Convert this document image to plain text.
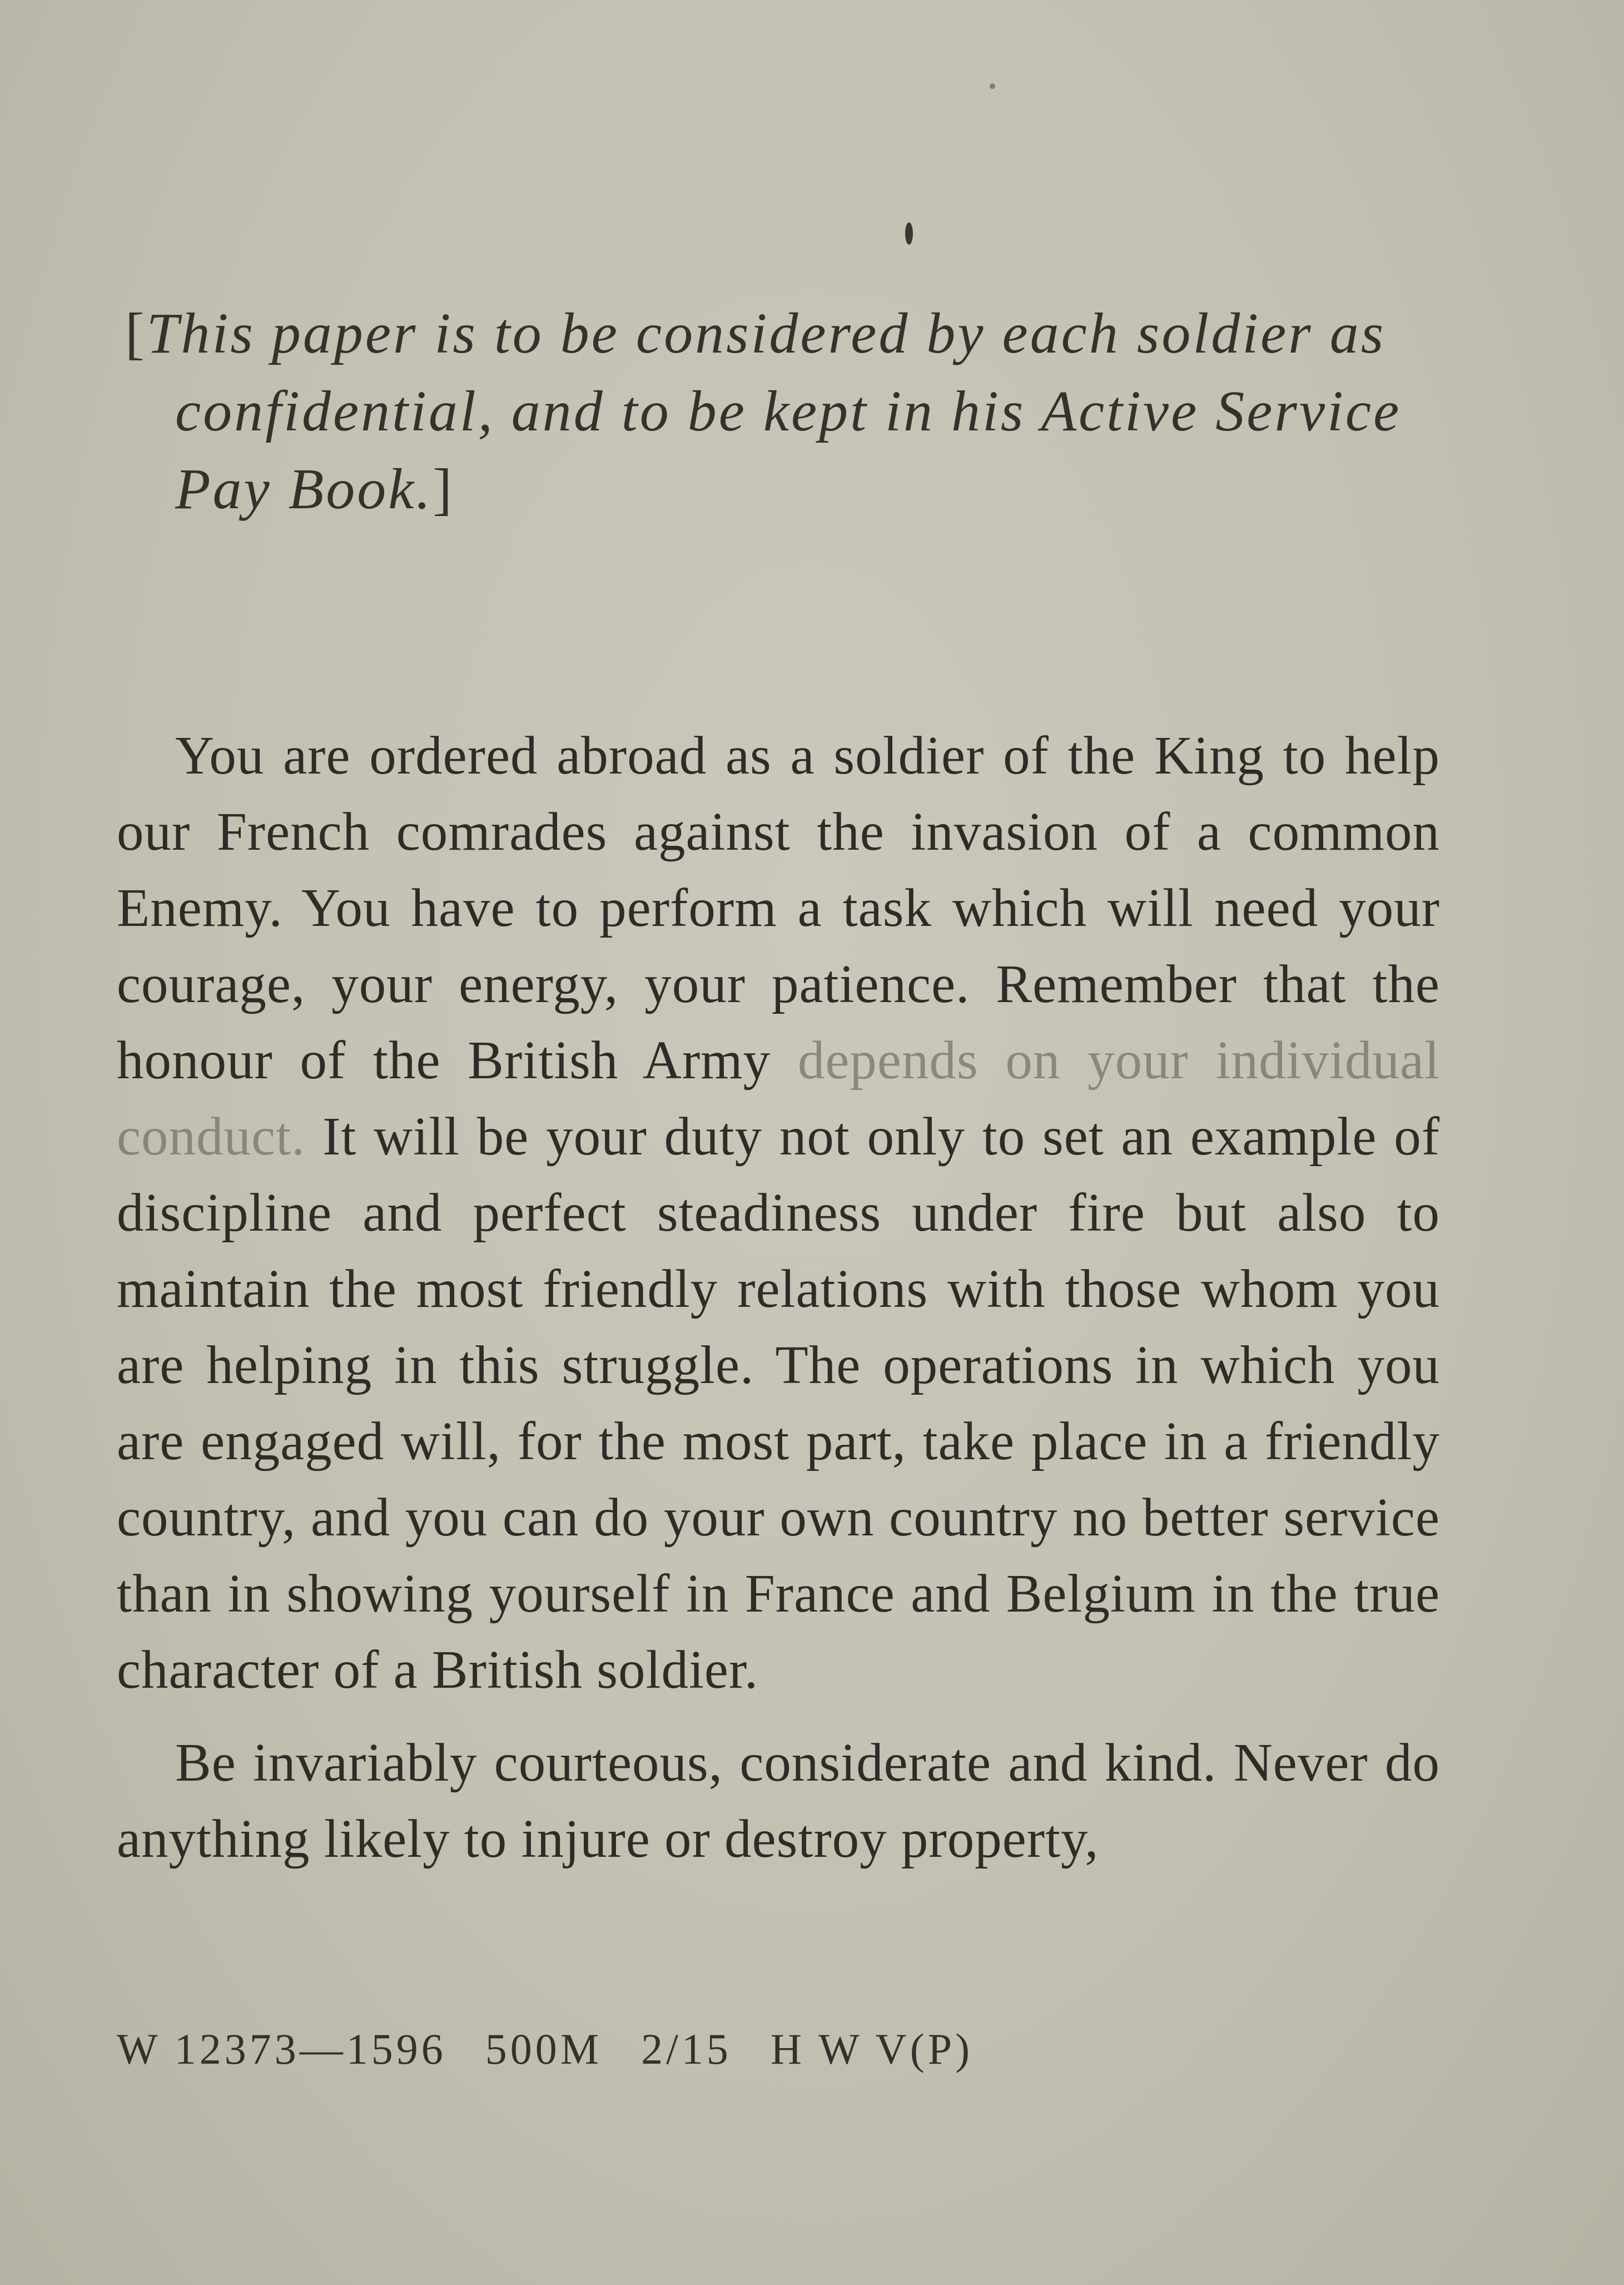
[This paper is to be considered by each soldier as
confidential, and to be kept in his Active Service
Pay Book.]

You are ordered abroad as a soldier of the King to help our French comrades against the invasion of a common Enemy. You have to perform a task which will need your courage, your energy, your patience. Remember that the honour of the British Army depends on your individual conduct. It will be your duty not only to set an example of discipline and perfect steadiness under fire but also to maintain the most friendly relations with those whom you are helping in this struggle. The operations in which you are engaged will, for the most part, take place in a friendly country, and you can do your own country no better service than in showing yourself in France and Belgium in the true character of a British soldier.

Be invariably courteous, considerate and kind. Never do anything likely to injure or destroy property,

W 12373—1596 500M 2/15 H W V(P)
